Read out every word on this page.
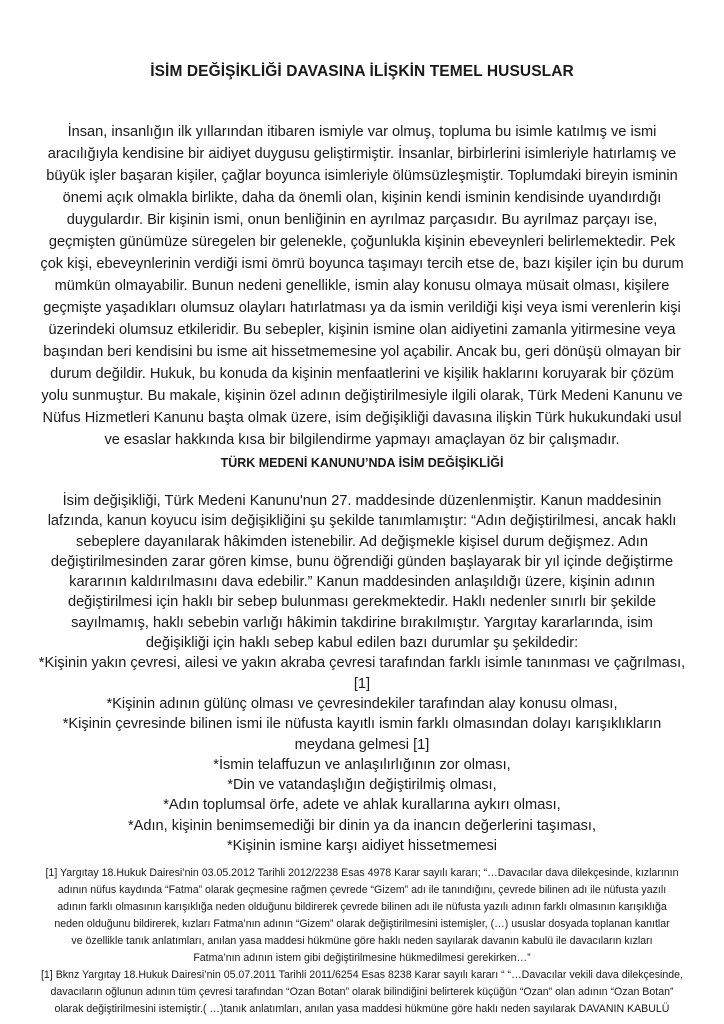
İSİM DEĞİŞİKLİĞİ DAVASINA İLİŞKİN TEMEL HUSUSLAR
İnsan, insanlığın ilk yıllarından itibaren ismiyle var olmuş, topluma bu isimle katılmış ve ismi
aracılığıyla kendisine bir aidiyet duygusu geliştirmiştir. İnsanlar, birbirlerini isimleriyle hatırlamış ve
büyük işler başaran kişiler, çağlar boyunca isimleriyle ölümsüzleşmiştir. Toplumdaki bireyin isminin
önemi açık olmakla birlikte, daha da önemli olan, kişinin kendi isminin kendisinde uyandırdığı
duygulardır. Bir kişinin ismi, onun benliğinin en ayrılmaz parçasıdır. Bu ayrılmaz parçayı ise,
geçmişten günümüze süregelen bir gelenekle, çoğunlukla kişinin ebeveynleri belirlemektedir. Pek
çok kişi, ebeveynlerinin verdiği ismi ömrü boyunca taşımayı tercih etse de, bazı kişiler için bu durum
mümkün olmayabilir. Bunun nedeni genellikle, ismin alay konusu olmaya müsait olması, kişilere
geçmişte yaşadıkları olumsuz olayları hatırlatması ya da ismin verildiği kişi veya ismi verenlerin kişi
üzerindeki olumsuz etkileridir. Bu sebepler, kişinin ismine olan aidiyetini zamanla yitirmesine veya
başından beri kendisini bu isme ait hissetmemesine yol açabilir. Ancak bu, geri dönüşü olmayan bir
durum değildir. Hukuk, bu konuda da kişinin menfaatlerini ve kişilik haklarını koruyarak bir çözüm
yolu sunmuştur. Bu makale, kişinin özel adının değiştirilmesiyle ilgili olarak, Türk Medeni Kanunu ve
Nüfus Hizmetleri Kanunu başta olmak üzere, isim değişikliği davasına ilişkin Türk hukukundaki usul
ve esaslar hakkında kısa bir bilgilendirme yapmayı amaçlayan öz bir çalışmadır.
TÜRK MEDENİ KANUNU’NDA İSİM DEĞİŞİKLİĞİ
İsim değişikliği, Türk Medeni Kanunu'nun 27. maddesinde düzenlenmiştir. Kanun maddesinin
lafzında, kanun koyucu isim değişikliğini şu şekilde tanımlamıştır: “Adın değiştirilmesi, ancak haklı
sebeplere dayanılarak hâkimden istenebilir. Ad değişmekle kişisel durum değişmez. Adın
değiştirilmesinden zarar gören kimse, bunu öğrendiği günden başlayarak bir yıl içinde değiştirme
kararının kaldırılmasını dava edebilir.” Kanun maddesinden anlaşıldığı üzere, kişinin adının
değiştirilmesi için haklı bir sebep bulunması gerekmektedir. Haklı nedenler sınırlı bir şekilde
sayılmamış, haklı sebebin varlığı hâkimin takdirine bırakılmıştır. Yargıtay kararlarında, isim
değişikliği için haklı sebep kabul edilen bazı durumlar şu şekildedir:
*Kişinin yakın çevresi, ailesi ve yakın akraba çevresi tarafından farklı isimle tanınması ve çağrılması,
[1]
*Kişinin adının gülünç olması ve çevresindekiler tarafından alay konusu olması,
*Kişinin çevresinde bilinen ismi ile nüfusta kayıtlı ismin farklı olmasından dolayı karışıklıkların
meydana gelmesi [1]
*İsmin telaffuzun ve anlaşılırlığının zor olması,
*Din ve vatandaşlığın değiştirilmiş olması,
*Adın toplumsal örfe, adete ve ahlak kurallarına aykırı olması,
*Adın, kişinin benimsemediği bir dinin ya da inancın değerlerini taşıması,
*Kişinin ismine karşı aidiyet hissetmemesi
[1] Yargıtay 18.Hukuk Dairesi’nin 03.05.2012 Tarihli 2012/2238 Esas 4978 Karar sayılı kararı; “…Davacılar dava dilekçesinde, kızlarının
adının nüfus kaydında “Fatma” olarak geçmesine rağmen çevrede “Gizem” adı ile tanındığını, çevrede bilinen adı ile nüfusta yazılı
adının farklı olmasının karışıklığa neden olduğunu bildirerek çevrede bilinen adı ile nüfusta yazılı adının farklı olmasının karışıklığa
neden olduğunu bildirerek, kızları Fatma’nın adının “Gizem” olarak değiştirilmesini istemişler, (…) ususlar dosyada toplanan kanıtlar
ve özellikle tanık anlatımları, anılan yasa maddesi hükmüne göre haklı neden sayılarak davanın kabulü ile davacıların kızları
Fatma’nın adının istem gibi değiştirilmesine hükmedilmesi gerekirken…”
[1] Bknz Yargıtay 18.Hukuk Dairesi’nin 05.07.2011 Tarihli 2011/6254 Esas 8238 Karar sayılı kararı “ “…Davacılar vekili dava dilekçesinde,
davacıların oğlunun adının tüm çevresi tarafından “Ozan Botan” olarak bilindiğini belirterek küçüğün “Ozan” olan adının “Ozan Botan”
olarak değiştirilmesini istemiştir.( …)tanık anlatımları, anılan yasa maddesi hükmüne göre haklı neden sayılarak DAVANIN KABULÜ
